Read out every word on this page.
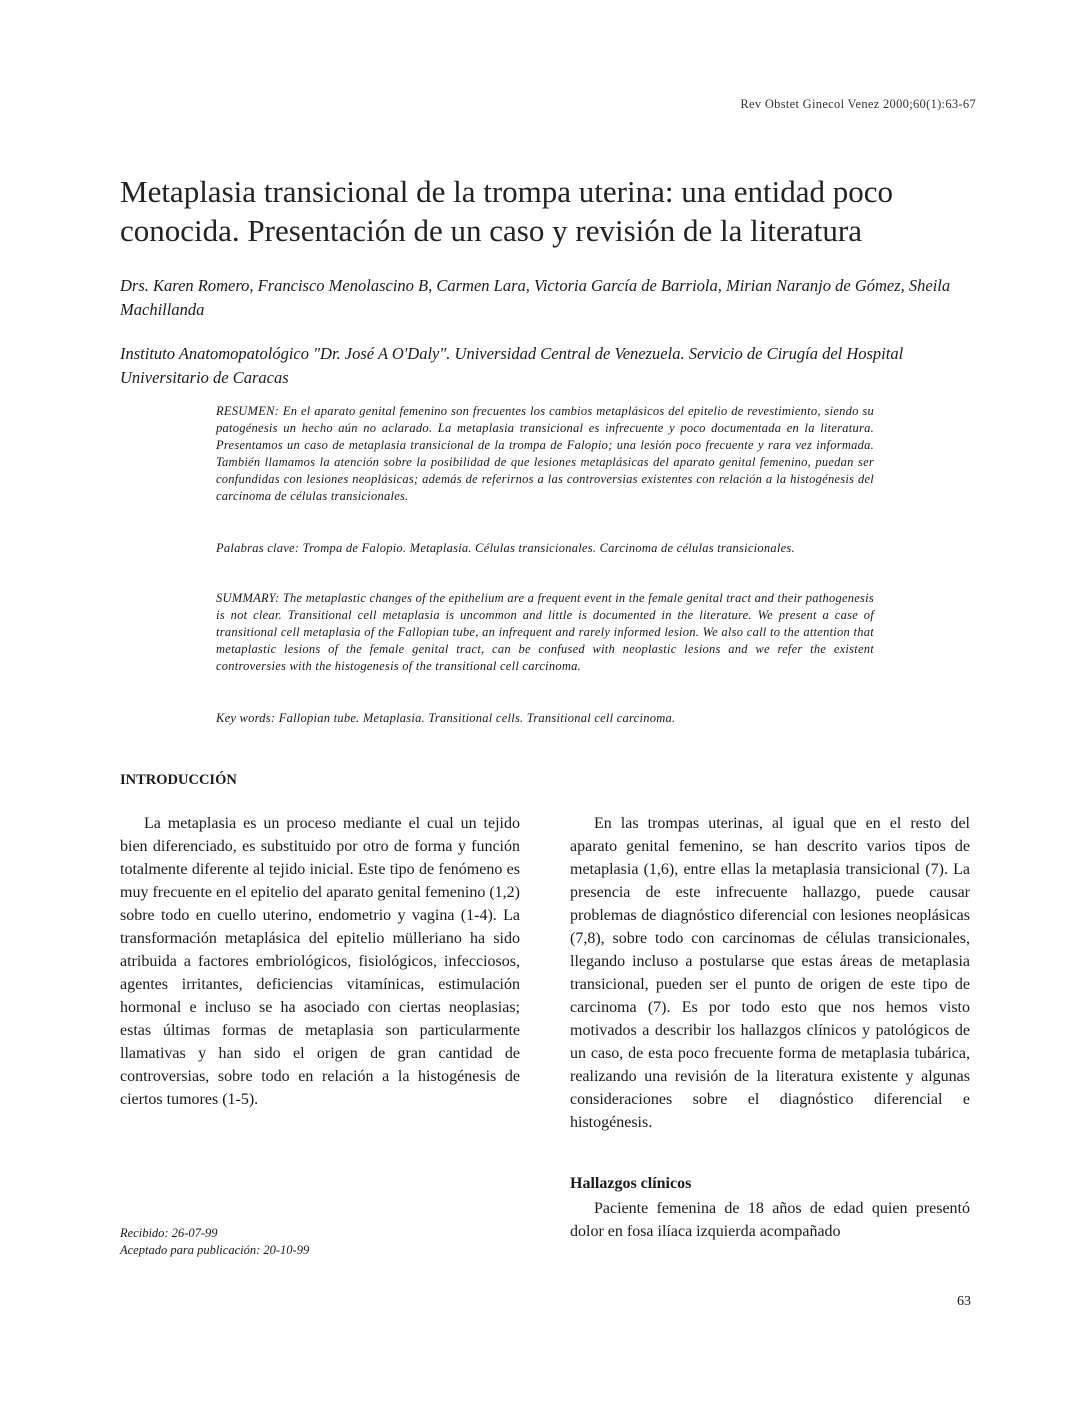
Rev Obstet Ginecol Venez 2000;60(1):63-67
Metaplasia transicional de la trompa uterina: una entidad poco conocida. Presentación de un caso y revisión de la literatura
Drs. Karen Romero, Francisco Menolascino B, Carmen Lara, Victoria García de Barriola, Mirian Naranjo de Gómez, Sheila Machillanda
Instituto Anatomopatológico "Dr. José A O'Daly". Universidad Central de Venezuela. Servicio de Cirugía del Hospital Universitario de Caracas
RESUMEN: En el aparato genital femenino son frecuentes los cambios metaplásicos del epitelio de revestimiento, siendo su patogénesis un hecho aún no aclarado. La metaplasia transicional es infrecuente y poco documentada en la literatura. Presentamos un caso de metaplasia transicional de la trompa de Falopio; una lesión poco frecuente y rara vez informada. También llamamos la atención sobre la posibilidad de que lesiones metaplásicas del aparato genital femenino, puedan ser confundidas con lesiones neoplásicas; además de referirnos a las controversias existentes con relación a la histogénesis del carcinoma de células transicionales.
Palabras clave: Trompa de Falopio. Metaplasia. Células transicionales. Carcinoma de células transicionales.
SUMMARY: The metaplastic changes of the epithelium are a frequent event in the female genital tract and their pathogenesis is not clear. Transitional cell metaplasia is uncommon and little is documented in the literature. We present a case of transitional cell metaplasia of the Fallopian tube, an infrequent and rarely informed lesion. We also call to the attention that metaplastic lesions of the female genital tract, can be confused with neoplastic lesions and we refer the existent controversies with the histogenesis of the transitional cell carcinoma.
Key words: Fallopian tube. Metaplasia. Transitional cells. Transitional cell carcinoma.
INTRODUCCIÓN

La metaplasia es un proceso mediante el cual un tejido bien diferenciado, es substituido por otro de forma y función totalmente diferente al tejido inicial. Este tipo de fenómeno es muy frecuente en el epitelio del aparato genital femenino (1,2) sobre todo en cuello uterino, endometrio y vagina (1-4). La transformación metaplásica del epitelio mülleriano ha sido atribuida a factores embriológicos, fisiológicos, infecciosos, agentes irritantes, deficiencias vitamínicas, estimulación hormonal e incluso se ha asociado con ciertas neoplasias; estas últimas formas de metaplasia son particularmente llamativas y han sido el origen de gran cantidad de controversias, sobre todo en relación a la histogénesis de ciertos tumores (1-5).

En las trompas uterinas, al igual que en el resto del aparato genital femenino, se han descrito varios tipos de metaplasia (1,6), entre ellas la metaplasia transicional (7). La presencia de este infrecuente hallazgo, puede causar problemas de diagnóstico diferencial con lesiones neoplásicas (7,8), sobre todo con carcinomas de células transicionales, llegando incluso a postularse que estas áreas de metaplasia transicional, pueden ser el punto de origen de este tipo de carcinoma (7). Es por todo esto que nos hemos visto motivados a describir los hallazgos clínicos y patológicos de un caso, de esta poco frecuente forma de metaplasia tubárica, realizando una revisión de la literatura existente y algunas consideraciones sobre el diagnóstico diferencial e histogénesis.

Hallazgos clínicos

Paciente femenina de 18 años de edad quien presentó dolor en fosa ilíaca izquierda acompañado

Recibido: 26-07-99
Aceptado para publicación: 20-10-99
63
